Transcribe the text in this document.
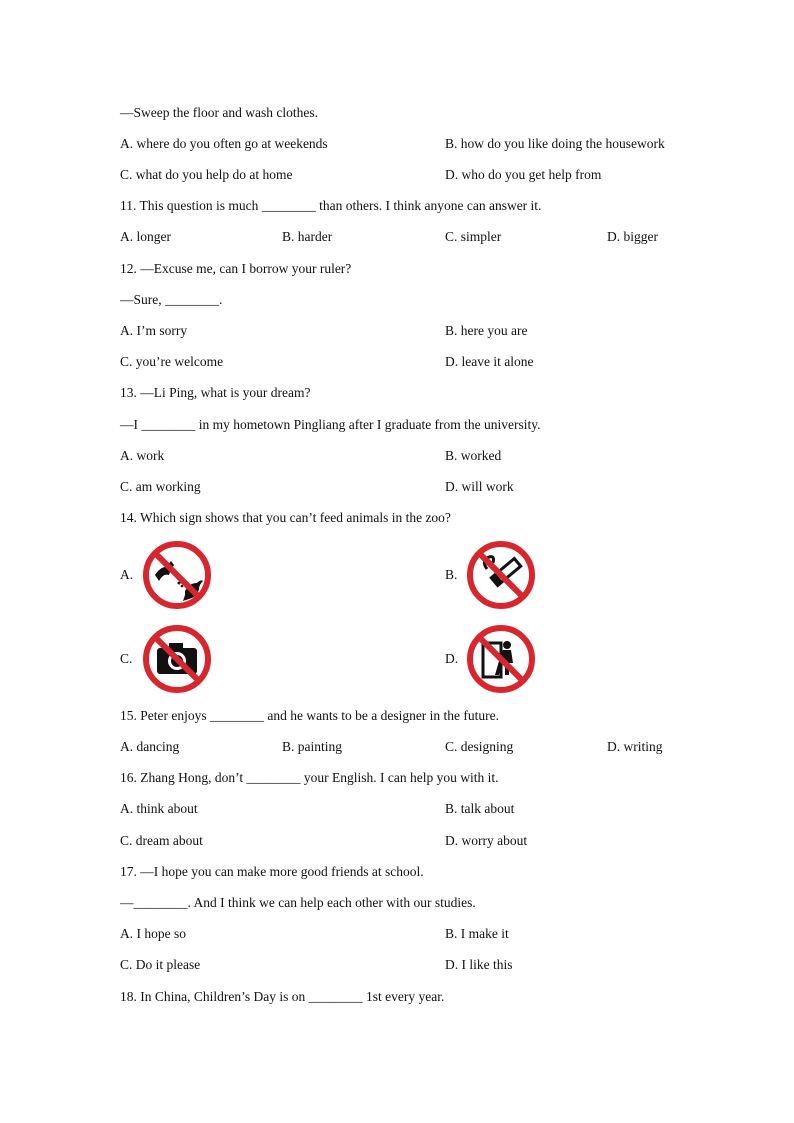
—Sweep the floor and wash clothes.
A. where do you often go at weekends	B. how do you like doing the housework
C. what do you help do at home	D. who do you get help from
11. This question is much ________ than others. I think anyone can answer it.
A. longer	B. harder	C. simpler	D. bigger
12. —Excuse me, can I borrow your ruler?
—Sure, ________.
A. I’m sorry	B. here you are
C. you’re welcome	D. leave it alone
13. —Li Ping, what is your dream?
—I ________ in my hometown Pingliang after I graduate from the university.
A. work	B. worked
C. am working	D. will work
14. Which sign shows that you can’t feed animals in the zoo?
A.	B.
C.	D.
15. Peter enjoys ________ and he wants to be a designer in the future.
A. dancing	B. painting	C. designing	D. writing
16. Zhang Hong, don’t ________ your English. I can help you with it.
A. think about	B. talk about
C. dream about	D. worry about
17. —I hope you can make more good friends at school.
—________. And I think we can help each other with our studies.
A. I hope so	B. I make it
C. Do it please	D. I like this
18. In China, Children’s Day is on ________ 1st every year.
